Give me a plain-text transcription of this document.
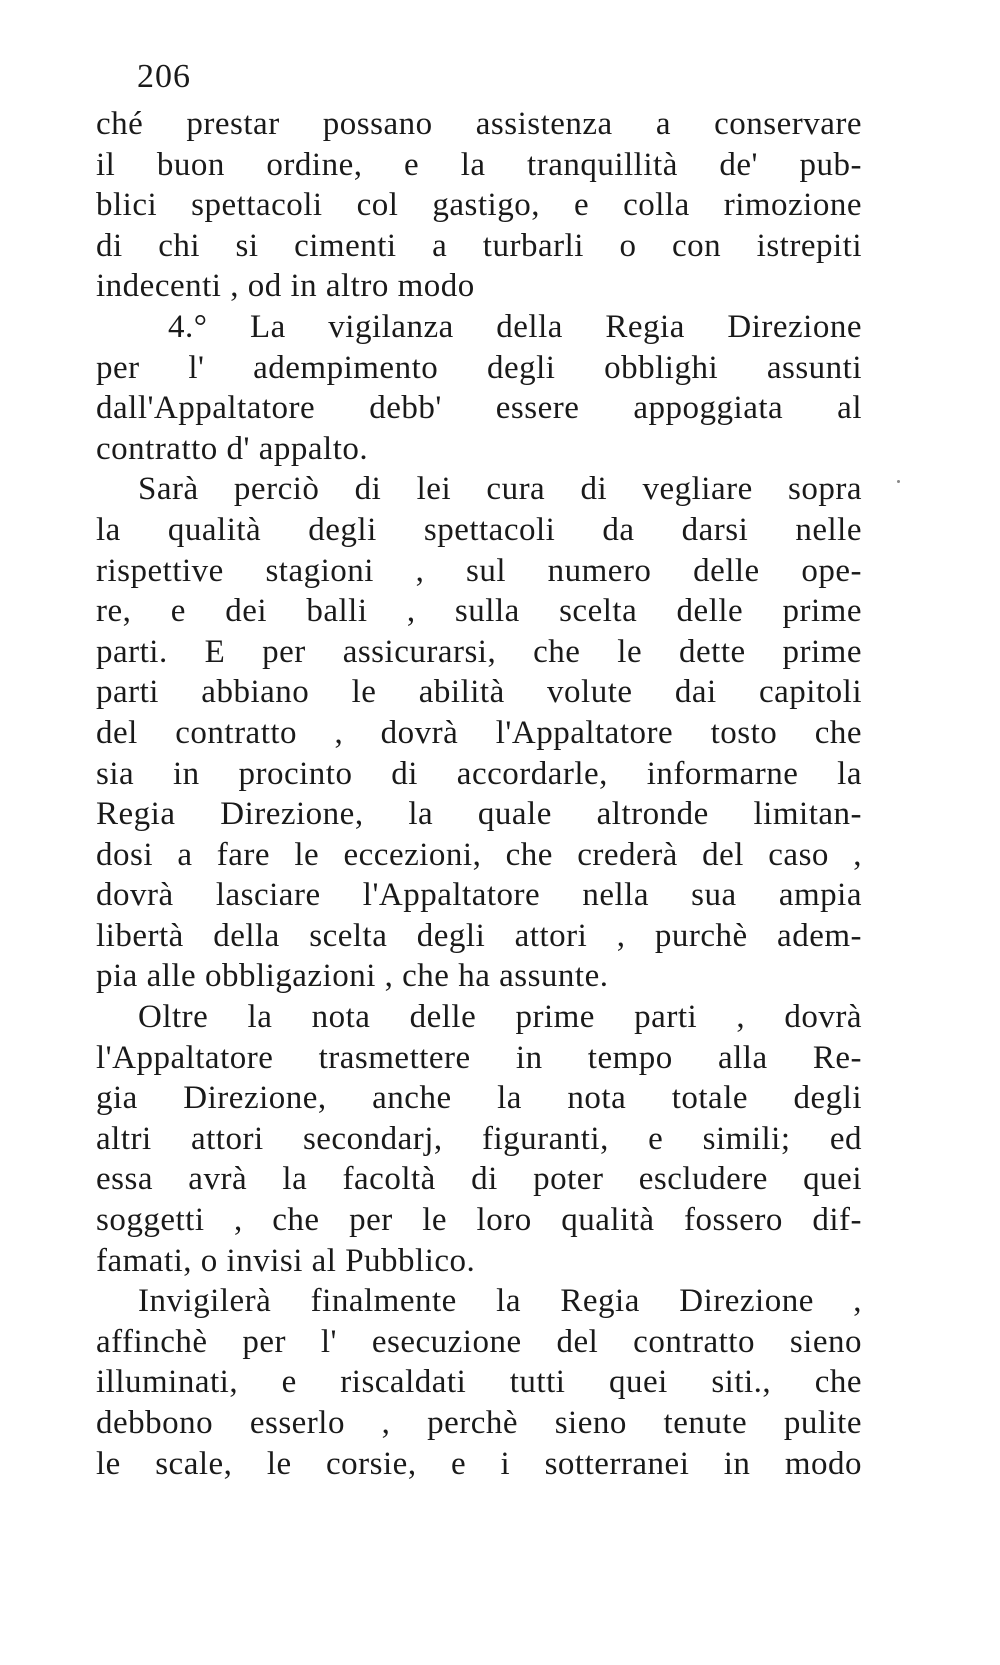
206
ché prestar possano assistenza a conservare
il buon ordine, e la tranquillità de' pub-
blici spettacoli col gastigo, e colla rimozione
di chi si cimenti a turbarli o con istrepiti
indecenti , od in altro modo
4.° La vigilanza della Regia Direzione
per l' adempimento degli obblighi assunti
dall'Appaltatore debb' essere appoggiata al
contratto d' appalto.
Sarà perciò di lei cura di vegliare sopra
la qualità degli spettacoli da darsi nelle
rispettive stagioni , sul numero delle ope-
re, e dei balli , sulla scelta delle prime
parti. E per assicurarsi, che le dette prime
parti abbiano le abilità volute dai capitoli
del contratto , dovrà l'Appaltatore tosto che
sia in procinto di accordarle, informarne la
Regia Direzione, la quale altronde limitan-
dosi a fare le eccezioni, che crederà del caso ,
dovrà lasciare l'Appaltatore nella sua ampia
libertà della scelta degli attori , purchè adem-
pia alle obbligazioni , che ha assunte.
Oltre la nota delle prime parti , dovrà
l'Appaltatore trasmettere in tempo alla Re-
gia Direzione, anche la nota totale degli
altri attori secondarj, figuranti, e simili; ed
essa avrà la facoltà di poter escludere quei
soggetti , che per le loro qualità fossero dif-
famati, o invisi al Pubblico.
Invigilerà finalmente la Regia Direzione ,
affinchè per l' esecuzione del contratto sieno
illuminati, e riscaldati tutti quei siti., che
debbono esserlo , perchè sieno tenute pulite
le scale, le corsie, e i sotterranei in modo
